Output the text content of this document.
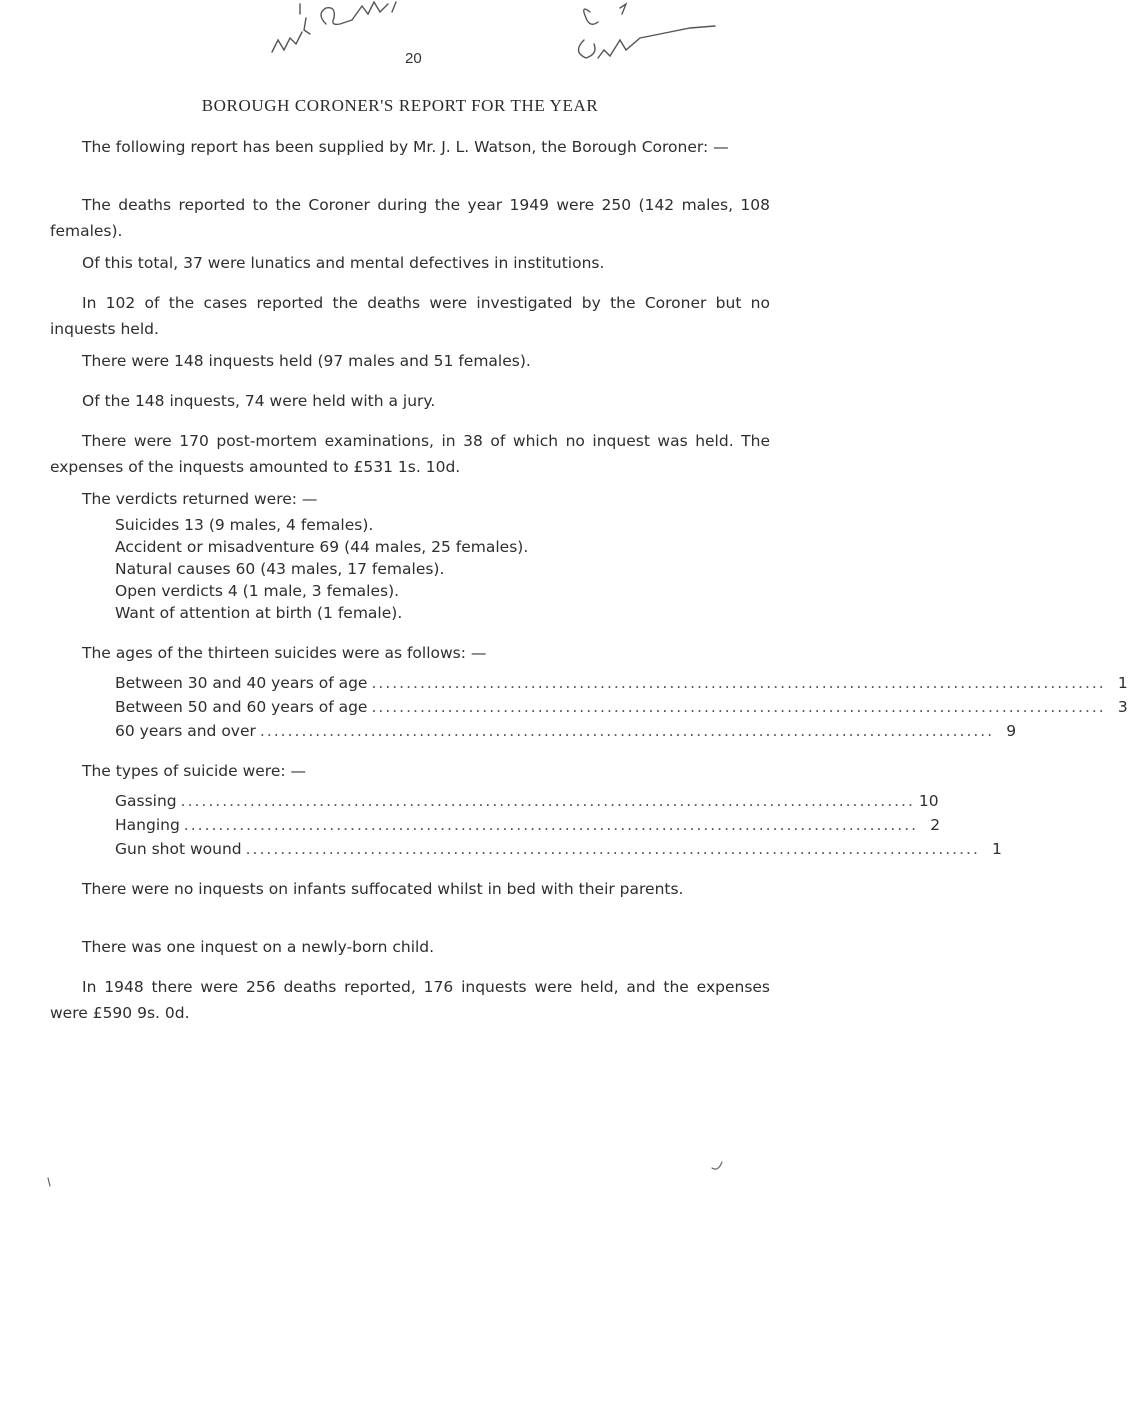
20
BOROUGH CORONER'S REPORT FOR THE YEAR

The following report has been supplied by Mr. J. L. Watson, the Borough Coroner: —

The deaths reported to the Coroner during the year 1949 were 250 (142 males, 108 females).

Of this total, 37 were lunatics and mental defectives in institutions.

In 102 of the cases reported the deaths were investigated by the Coroner but no inquests held.

There were 148 inquests held (97 males and 51 females).

Of the 148 inquests, 74 were held with a jury.

There were 170 post-mortem examinations, in 38 of which no inquest was held. The expenses of the inquests amounted to £531 1s. 10d.

The verdicts returned were: —

Suicides 13 (9 males, 4 females).
Accident or misadventure 69 (44 males, 25 females).
Natural causes 60 (43 males, 17 females).
Open verdicts 4 (1 male, 3 females).
Want of attention at birth (1 female).

The ages of the thirteen suicides were as follows: —

Between 30 and 40 years of age .......................................................................................................... 1
Between 50 and 60 years of age .......................................................................................................... 3
60 years and over .......................................................................................................... 9

The types of suicide were: —

Gassing .......................................................................................................... 10
Hanging .......................................................................................................... 2
Gun shot wound .......................................................................................................... 1

There were no inquests on infants suffocated whilst in bed with their parents.

There was one inquest on a newly-born child.

In 1948 there were 256 deaths reported, 176 inquests were held, and the expenses were £590 9s. 0d.
